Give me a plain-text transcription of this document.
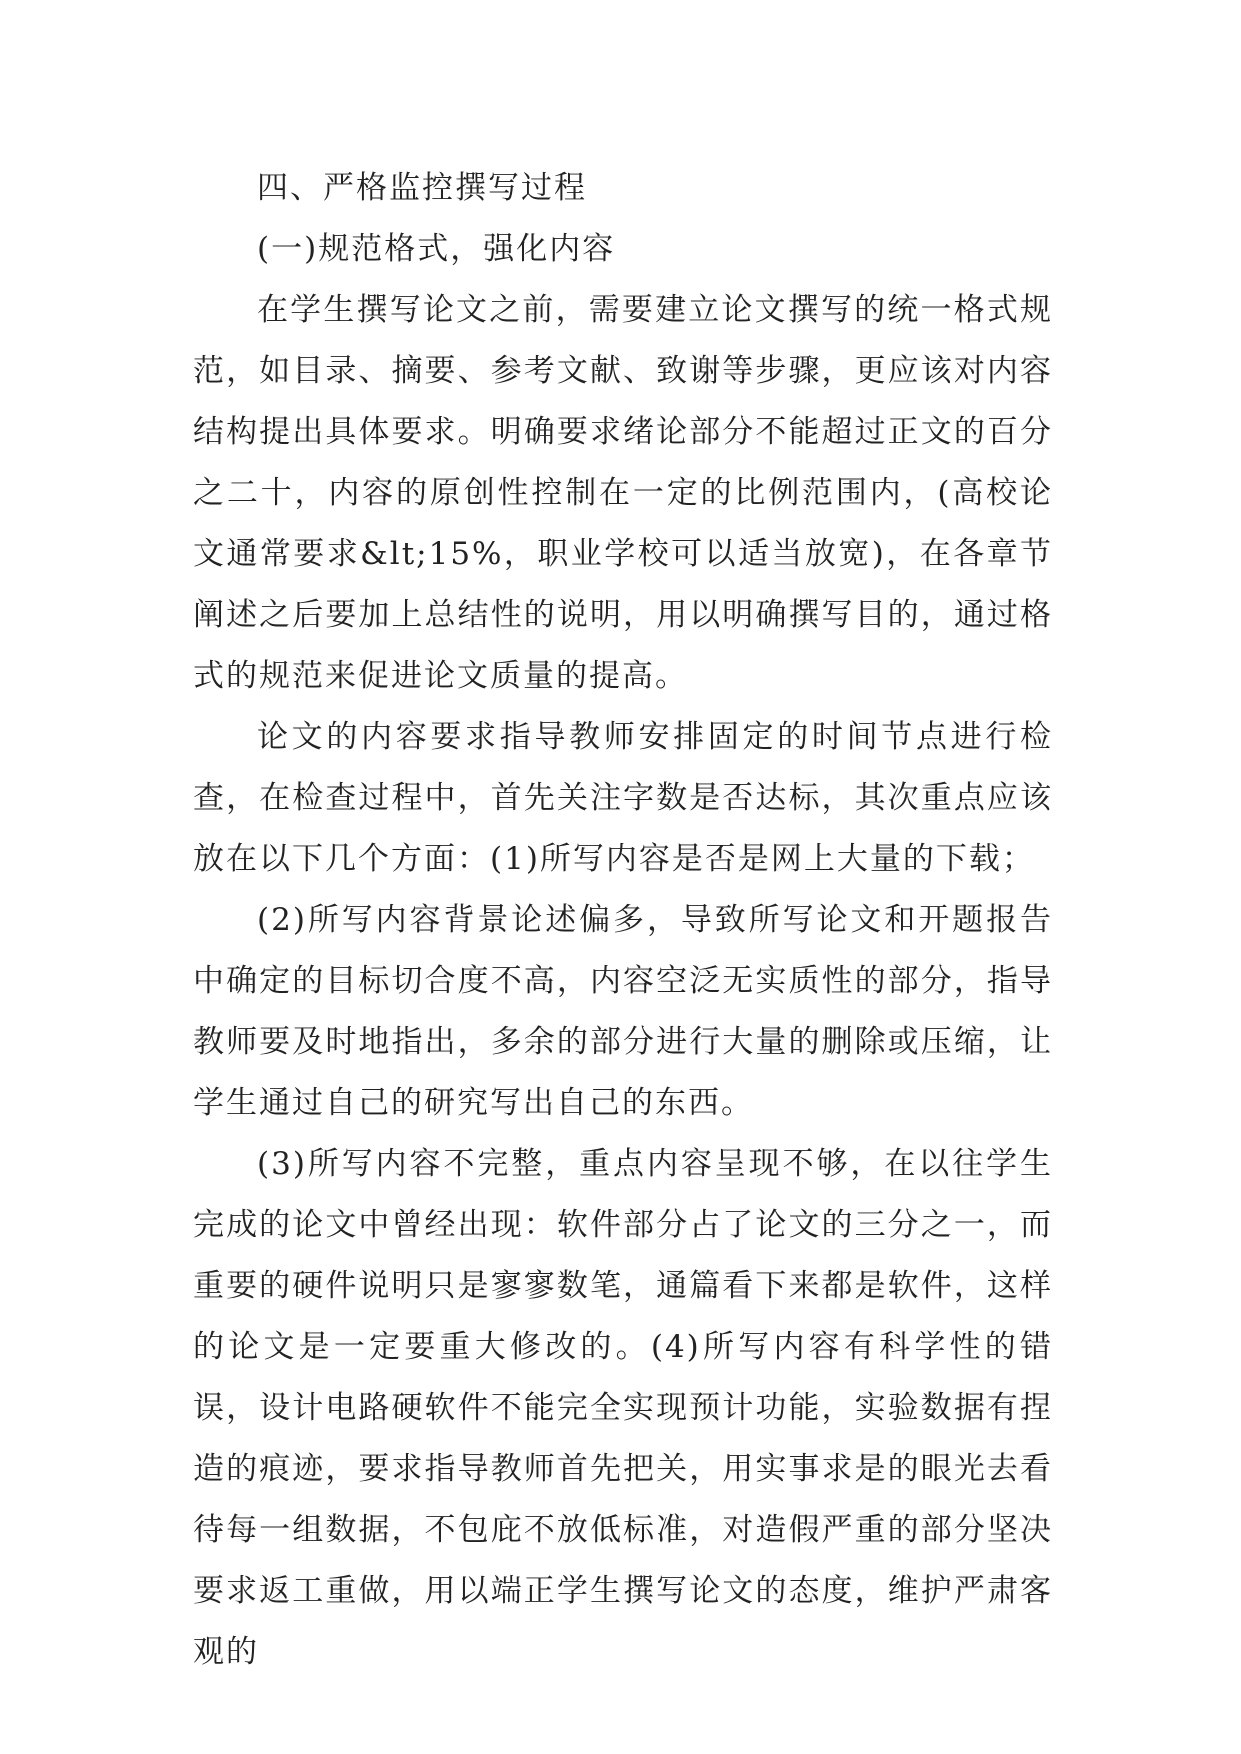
四、严格监控撰写过程

(一)规范格式，强化内容

在学生撰写论文之前，需要建立论文撰写的统一格式规范，如目录、摘要、参考文献、致谢等步骤，更应该对内容结构提出具体要求。明确要求绪论部分不能超过正文的百分之二十，内容的原创性控制在一定的比例范围内，(高校论文通常要求&lt;15%，职业学校可以适当放宽)，在各章节阐述之后要加上总结性的说明，用以明确撰写目的，通过格式的规范来促进论文质量的提高。

论文的内容要求指导教师安排固定的时间节点进行检查，在检查过程中，首先关注字数是否达标，其次重点应该放在以下几个方面：(1)所写内容是否是网上大量的下载；

(2)所写内容背景论述偏多，导致所写论文和开题报告中确定的目标切合度不高，内容空泛无实质性的部分，指导教师要及时地指出，多余的部分进行大量的删除或压缩，让学生通过自己的研究写出自己的东西。

(3)所写内容不完整，重点内容呈现不够，在以往学生完成的论文中曾经出现：软件部分占了论文的三分之一，而重要的硬件说明只是寥寥数笔，通篇看下来都是软件，这样的论文是一定要重大修改的。(4)所写内容有科学性的错误，设计电路硬软件不能完全实现预计功能，实验数据有捏造的痕迹，要求指导教师首先把关，用实事求是的眼光去看待每一组数据，不包庇不放低标准，对造假严重的部分坚决要求返工重做，用以端正学生撰写论文的态度，维护严肃客观的
